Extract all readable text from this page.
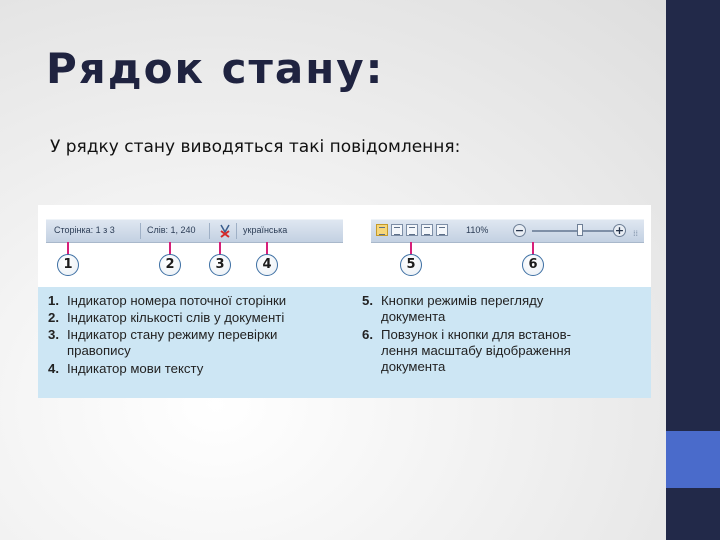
Рядок стану:
У рядку стану виводяться такі повідомлення:
Сторінка: 1 з 3	Слів: 1, 240	українська	110% −	+ ⁞⁞
1	2	3	4	5	6
1. Індикатор номера поточної сторінки
2. Індикатор кількості слів у документі
3. Індикатор стану режиму перевірки
правопису
4. Індикатор мови тексту
5. Кнопки режимів перегляду
документа
6. Повзунок і кнопки для встанов-
лення масштабу відображення
документа
